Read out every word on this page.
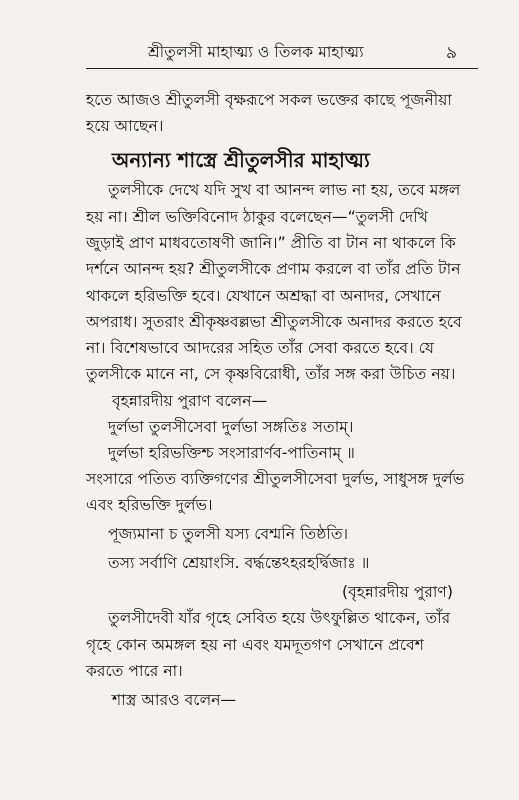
শ্রীতুলসী মাহাত্ম্য ও তিলক মাহাত্ম্য	৯
হতে আজও শ্রীতুলসী বৃক্ষরূপে সকল ভক্তের কাছে পূজনীয়া
হয়ে আছেন।
অন্যান্য শাস্ত্রে শ্রীতুলসীর মাহাত্ম্য
তুলসীকে দেখে যদি সুখ বা আনন্দ লাভ না হয়, তবে মঙ্গল
হয় না। শ্রীল ভক্তিবিনোদ ঠাকুর বলেছেন—“তুলসী দেখি
জুড়াই প্রাণ মাধবতোষণী জানি।” প্রীতি বা টান না থাকলে কি
দর্শনে আনন্দ হয়? শ্রীতুলসীকে প্রণাম করলে বা তাঁর প্রতি টান
থাকলে হরিভক্তি হবে। যেখানে অশ্রদ্ধা বা অনাদর, সেখানে
অপরাধ। সুতরাং শ্রীকৃষ্ণবল্লভা শ্রীতুলসীকে অনাদর করতে হবে
না। বিশেষভাবে আদরের সহিত তাঁর সেবা করতে হবে। যে
তুলসীকে মানে না, সে কৃষ্ণবিরোধী, তাঁর সঙ্গ করা উচিত নয়।
বৃহন্নারদীয় পুরাণ বলেন—
দুর্লভা তুলসীসেবা দুর্লভা সঙ্গতিঃ সতাম্‌।
দুর্লভা হরিভক্তিশ্চ সংসারার্ণব-পাতিনাম্‌ ॥
সংসারে পতিত ব্যক্তিগণের শ্রীতুলসীসেবা দুর্লভ, সাধুসঙ্গ দুর্লভ
এবং হরিভক্তি দুর্লভ।
পূজ্যমানা চ তুলসী যস্য বেশ্মনি তিষ্ঠতি।
তস্য সর্বাণি শ্রেয়াংসি. বর্দ্ধন্তেঽহরহর্দ্বিজাঃ ॥
(বৃহন্নারদীয় পুরাণ)
তুলসীদেবী যাঁর গৃহে সেবিত হয়ে উৎফুল্লিত থাকেন, তাঁর
গৃহে কোন অমঙ্গল হয় না এবং যমদূতগণ সেখানে প্রবেশ
করতে পারে না।
শাস্ত্র আরও বলেন—
